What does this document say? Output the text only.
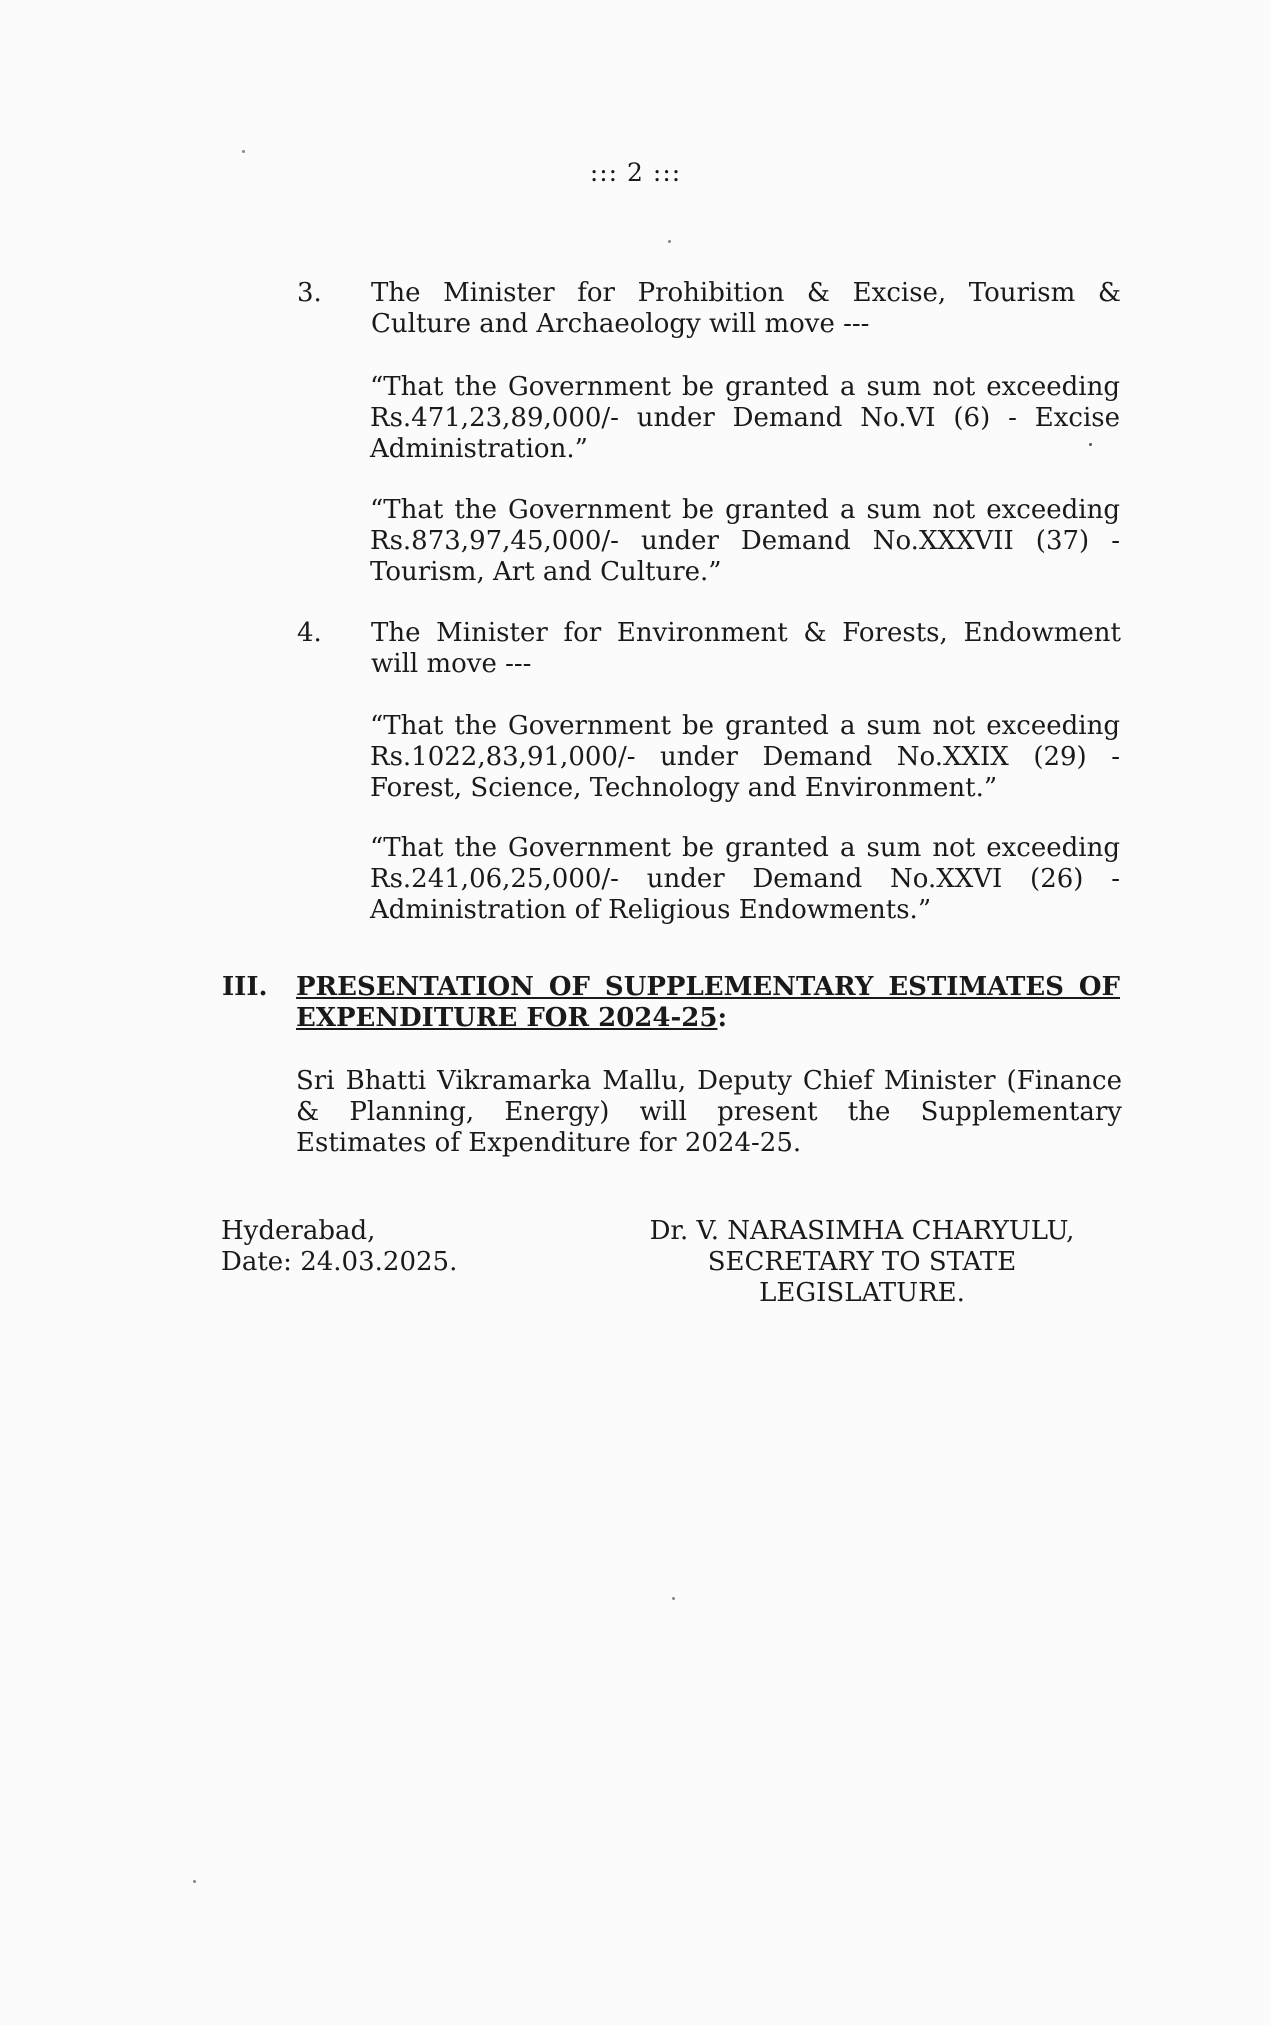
::: 2 :::
3. The Minister for Prohibition & Excise, Tourism & Culture and Archaeology will move ---

“That the Government be granted a sum not exceeding Rs.471,23,89,000/- under Demand No.VI (6) - Excise Administration.”

“That the Government be granted a sum not exceeding Rs.873,97,45,000/- under Demand No.XXXVII (37) - Tourism, Art and Culture.”

4. The Minister for Environment & Forests, Endowment will move ---

“That the Government be granted a sum not exceeding Rs.1022,83,91,000/- under Demand No.XXIX (29) - Forest, Science, Technology and Environment.”

“That the Government be granted a sum not exceeding Rs.241,06,25,000/- under Demand No.XXVI (26) - Administration of Religious Endowments.”

III. PRESENTATION OF SUPPLEMENTARY ESTIMATES OF
EXPENDITURE FOR 2024-25:

Sri Bhatti Vikramarka Mallu, Deputy Chief Minister (Finance & Planning, Energy) will present the Supplementary Estimates of Expenditure for 2024-25.

Hyderabad,
Date: 24.03.2025.
Dr. V. NARASIMHA CHARYULU,
SECRETARY TO STATE LEGISLATURE.
